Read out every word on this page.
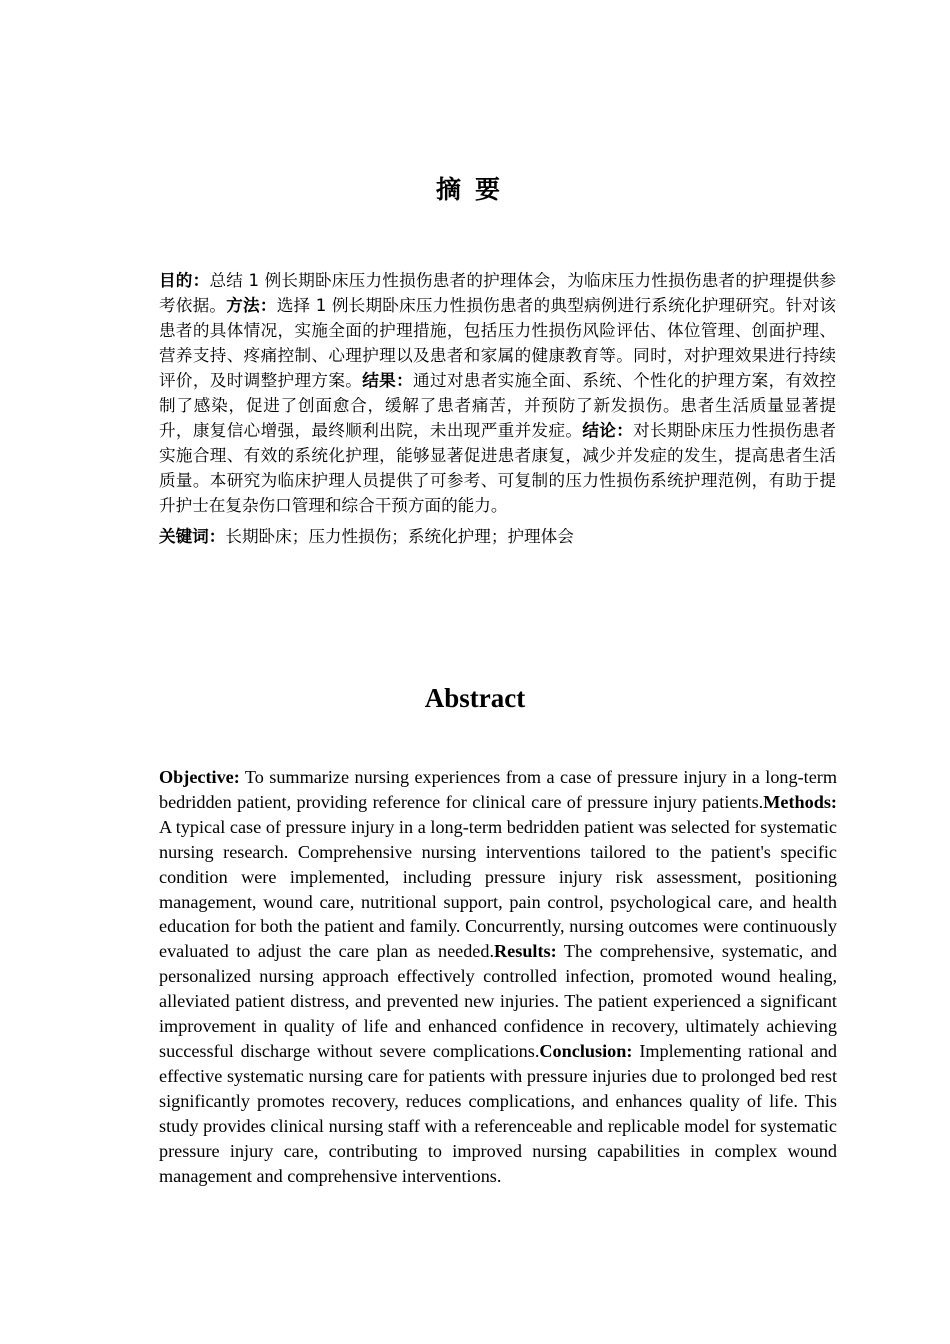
摘要

目的：总结 1 例长期卧床压力性损伤患者的护理体会，为临床压力性损伤患者的护理提供参考依据。方法：选择 1 例长期卧床压力性损伤患者的典型病例进行系统化护理研究。针对该患者的具体情况，实施全面的护理措施，包括压力性损伤风险评估、体位管理、创面护理、营养支持、疼痛控制、心理护理以及患者和家属的健康教育等。同时，对护理效果进行持续评价，及时调整护理方案。结果：通过对患者实施全面、系统、个性化的护理方案，有效控制了感染，促进了创面愈合，缓解了患者痛苦，并预防了新发损伤。患者生活质量显著提升，康复信心增强，最终顺利出院，未出现严重并发症。结论：对长期卧床压力性损伤患者实施合理、有效的系统化护理，能够显著促进患者康复，减少并发症的发生，提高患者生活质量。本研究为临床护理人员提供了可参考、可复制的压力性损伤系统护理范例，有助于提升护士在复杂伤口管理和综合干预方面的能力。

关键词：长期卧床；压力性损伤；系统化护理；护理体会

Abstract

Objective: To summarize nursing experiences from a case of pressure injury in a long-term bedridden patient, providing reference for clinical care of pressure injury patients.Methods: A typical case of pressure injury in a long-term bedridden patient was selected for systematic nursing research. Comprehensive nursing interventions tailored to the patient's specific condition were implemented, including pressure injury risk assessment, positioning management, wound care, nutritional support, pain control, psychological care, and health education for both the patient and family. Concurrently, nursing outcomes were continuously evaluated to adjust the care plan as needed.Results: The comprehensive, systematic, and personalized nursing approach effectively controlled infection, promoted wound healing, alleviated patient distress, and prevented new injuries. The patient experienced a significant improvement in quality of life and enhanced confidence in recovery, ultimately achieving successful discharge without severe complications.Conclusion: Implementing rational and effective systematic nursing care for patients with pressure injuries due to prolonged bed rest significantly promotes recovery, reduces complications, and enhances quality of life. This study provides clinical nursing staff with a referenceable and replicable model for systematic pressure injury care, contributing to improved nursing capabilities in complex wound management and comprehensive interventions.
